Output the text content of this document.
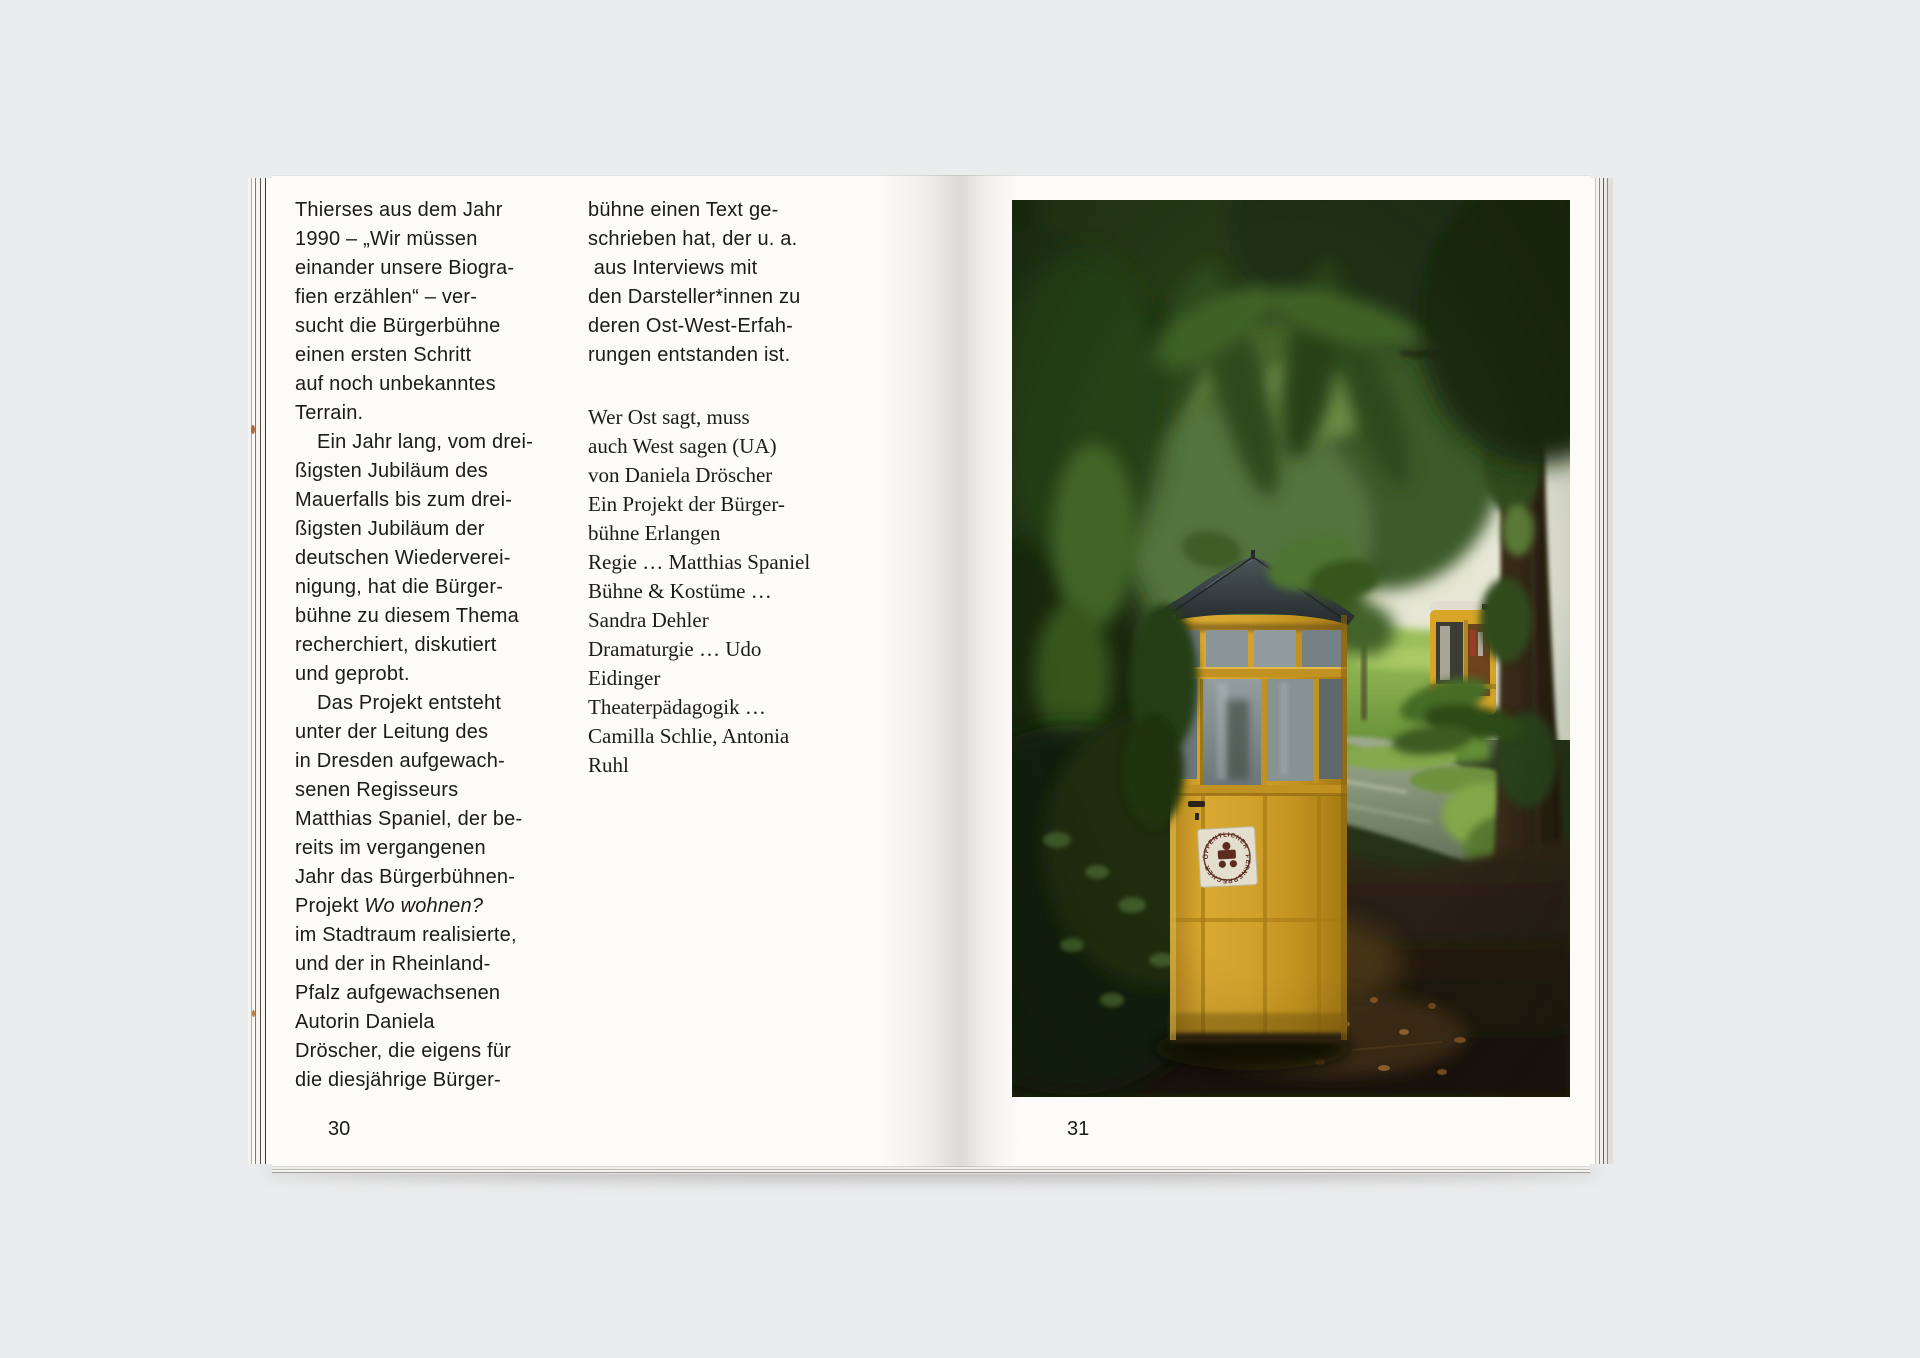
Thierses aus dem Jahr
1990 – „Wir müssen
einander unsere Biogra-
fien erzählen“ – ver-
sucht die Bürgerbühne
einen ersten Schritt
auf noch unbekanntes
Terrain.
Ein Jahr lang, vom drei-
ßigsten Jubiläum des
Mauerfalls bis zum drei-
ßigsten Jubiläum der
deutschen Wiederverei-
nigung, hat die Bürger-
bühne zu diesem Thema
recherchiert, diskutiert
und geprobt.
Das Projekt entsteht
unter der Leitung des
in Dresden aufgewach-
senen Regisseurs
Matthias Spaniel, der be-
reits im vergangenen
Jahr das Bürgerbühnen-
Projekt Wo wohnen?
im Stadtraum realisierte,
und der in Rheinland-
Pfalz aufgewachsenen
Autorin Daniela
Dröscher, die eigens für
die diesjährige Bürger-
bühne einen Text ge-
schrieben hat, der u. a.
aus Interviews mit
den Darsteller*innen zu
deren Ost-West-Erfah-
rungen entstanden ist.
Wer Ost sagt, muss
auch West sagen (UA)
von Daniela Dröscher
Ein Projekt der Bürger-
bühne Erlangen
Regie … Matthias Spaniel
Bühne & Kostüme …
Sandra Dehler
Dramaturgie … Udo
Eidinger
Theaterpädagogik …
Camilla Schlie, Antonia
Ruhl
30	31
